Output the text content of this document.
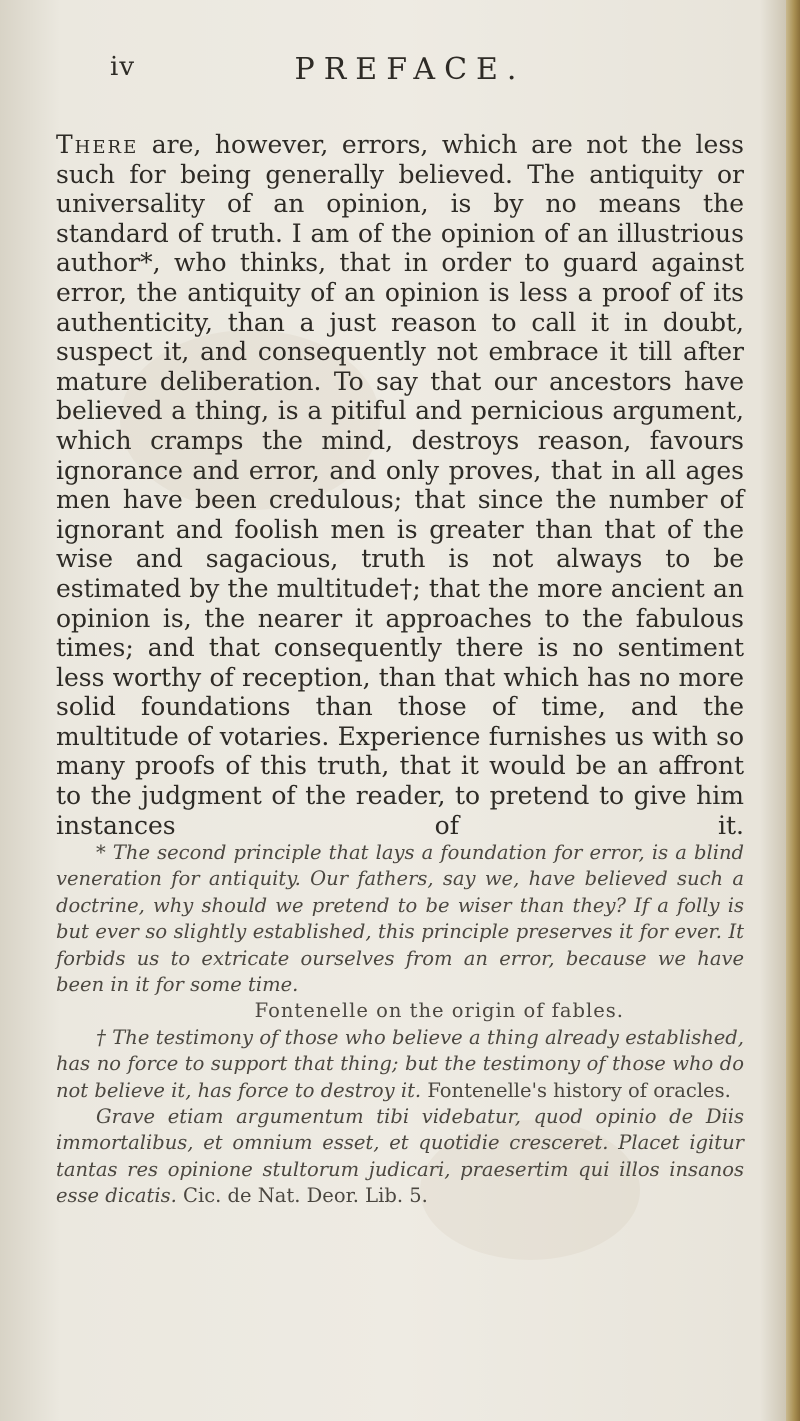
iv	PREFACE.
There are, however, errors, which are not the less such for being generally believed. The antiquity or universality of an opinion, is by no means the standard of truth. I am of the opinion of an illustrious author*, who thinks, that in order to guard against error, the antiquity of an opinion is less a proof of its authenticity, than a just reason to call it in doubt, suspect it, and consequently not embrace it till after mature deliberation. To say that our ancestors have believed a thing, is a pitiful and pernicious argument, which cramps the mind, destroys reason, favours ignorance and error, and only proves, that in all ages men have been credulous; that since the number of ignorant and foolish men is greater than that of the wise and sagacious, truth is not always to be estimated by the multitude†; that the more ancient an opinion is, the nearer it approaches to the fabulous times; and that consequently there is no sentiment less worthy of reception, than that which has no more solid foundations than those of time, and the multitude of votaries. Experience furnishes us with so many proofs of this truth, that it would be an affront to the judgment of the reader, to pretend to give him instances of it.

* The second principle that lays a foundation for error, is a blind veneration for antiquity. Our fathers, say we, have believed such a doctrine, why should we pretend to be wiser than they? If a folly is but ever so slightly established, this principle preserves it for ever. It forbids us to extricate ourselves from an error, because we have been in it for some time.

Fontenelle on the origin of fables.

† The testimony of those who believe a thing already established, has no force to support that thing; but the testimony of those who do not believe it, has force to destroy it. Fontenelle's history of oracles.

Grave etiam argumentum tibi videbatur, quod opinio de Diis immortalibus, et omnium esset, et quotidie cresceret. Placet igitur tantas res opinione stultorum judicari, praesertim qui illos insanos esse dicatis. Cic. de Nat. Deor. Lib. 5.
